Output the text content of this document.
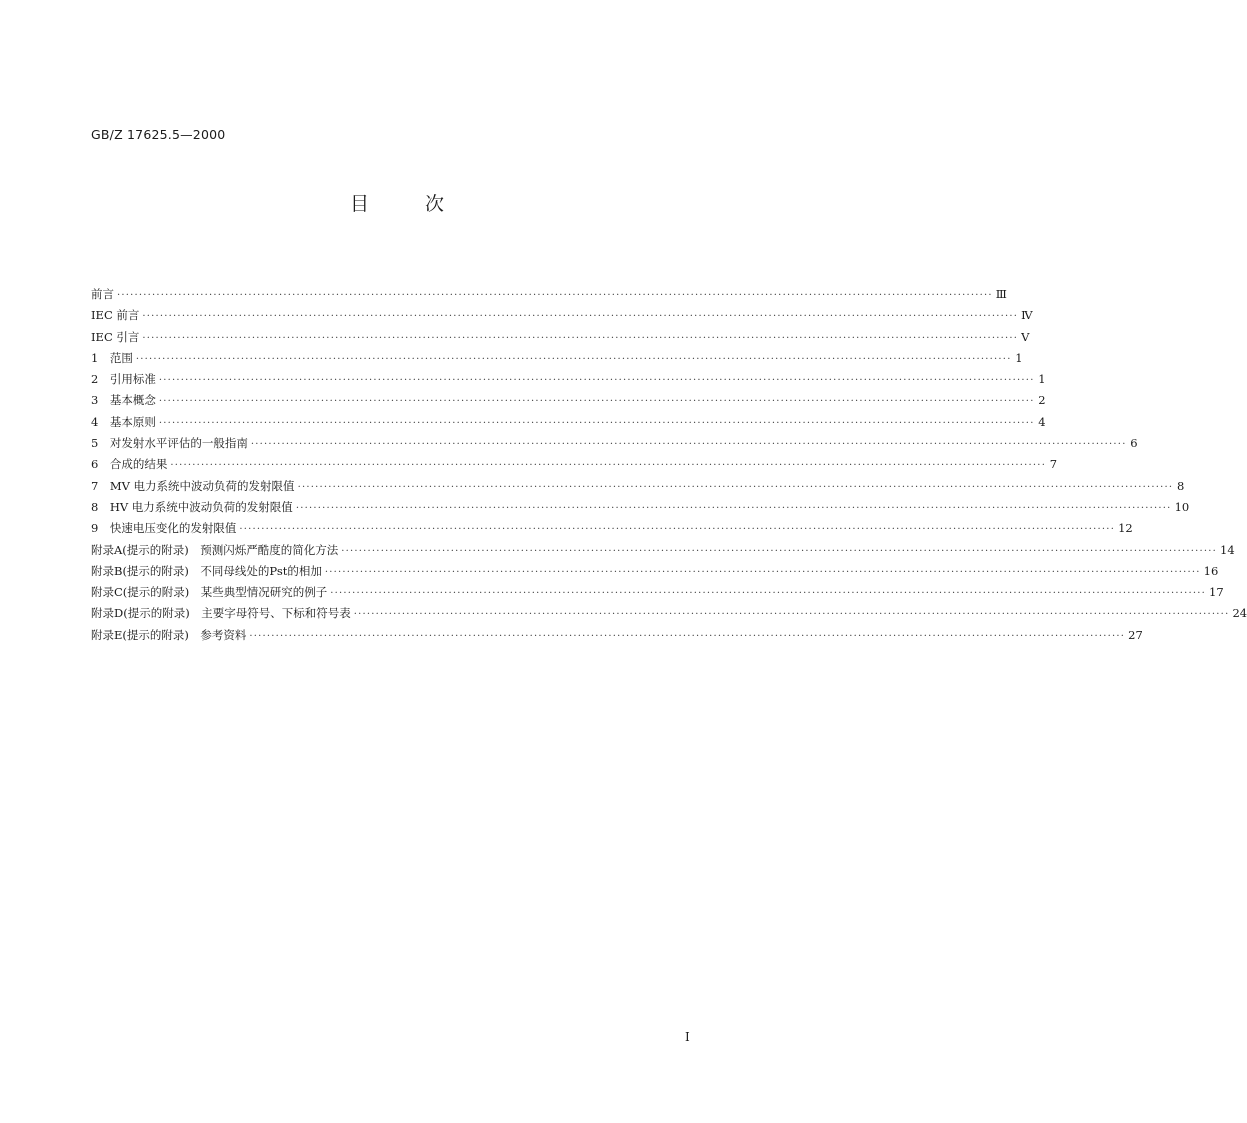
GB/Z 17625.5—2000
目次
前言 ········································································································································································································ Ⅲ
IEC 前言 ········································································································································································································ Ⅳ
IEC 引言 ········································································································································································································ Ⅴ
1　范围 ········································································································································································································ 1
2　引用标准 ········································································································································································································ 1
3　基本概念 ········································································································································································································ 2
4　基本原则 ········································································································································································································ 4
5　对发射水平评估的一般指南 ········································································································································································································ 6
6　合成的结果 ········································································································································································································ 7
7　MV 电力系统中波动负荷的发射限值 ········································································································································································································ 8
8　HV 电力系统中波动负荷的发射限值 ········································································································································································································ 10
9　快速电压变化的发射限值 ········································································································································································································ 12
附录A(提示的附录)　预测闪烁严酷度的简化方法 ········································································································································································································ 14
附录B(提示的附录)　不同母线处的Pst的相加 ········································································································································································································ 16
附录C(提示的附录)　某些典型情况研究的例子 ········································································································································································································ 17
附录D(提示的附录)　主要字母符号、下标和符号表 ········································································································································································································ 24
附录E(提示的附录)　参考资料 ········································································································································································································ 27
Ⅰ
